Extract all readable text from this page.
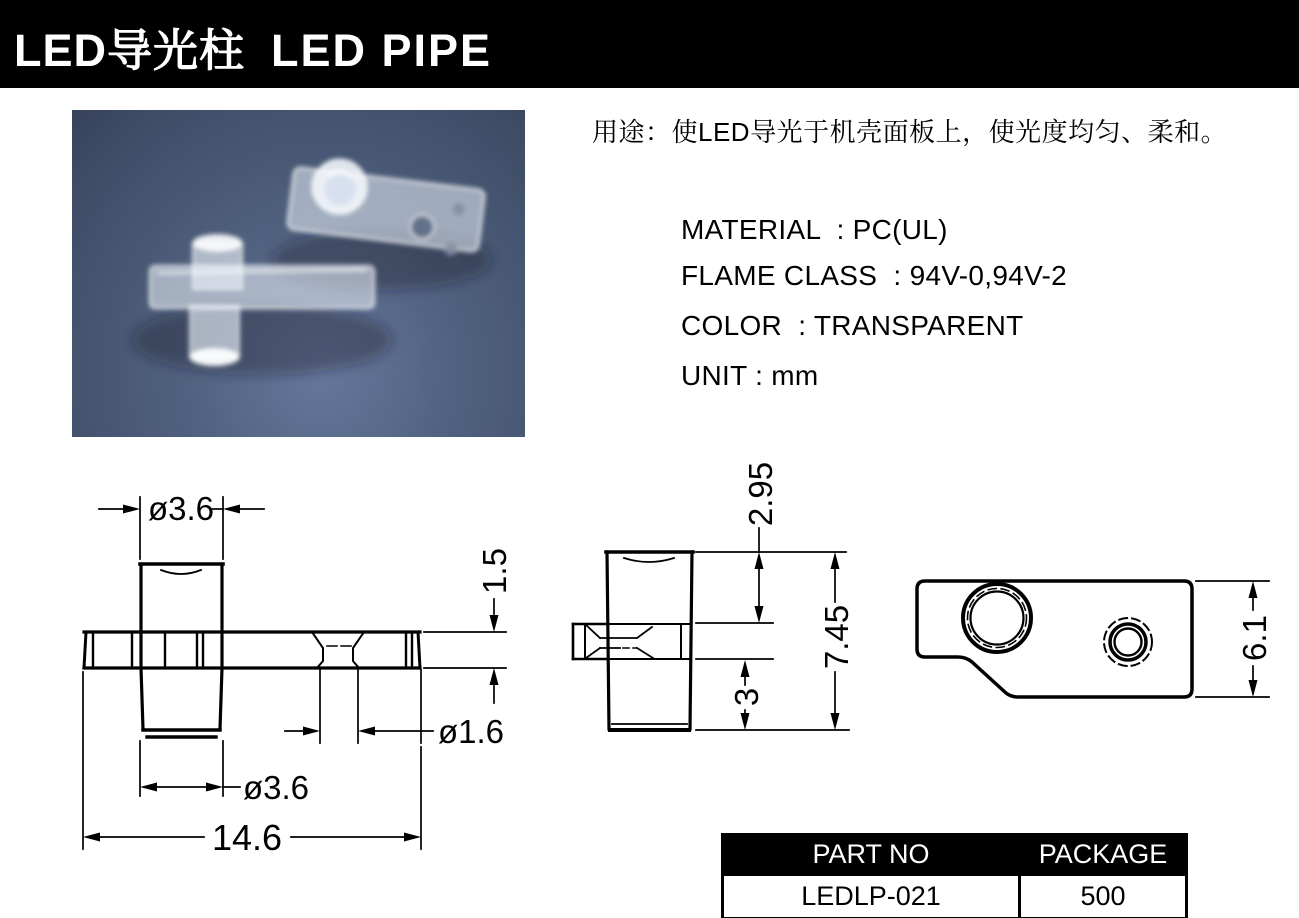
LED导光柱 LED PIPE
用途：使LED导光于机壳面板上，使光度均匀、柔和。
MATERIAL  : PC(UL)
FLAME CLASS  : 94V-0,94V-2
COLOR  : TRANSPARENT
UNIT : mm
ø3.6
1.5
ø1.6
ø3.6
14.6
2.95
7.45
3
6.1
PART NO	PACKAGE
LEDLP-021	500
